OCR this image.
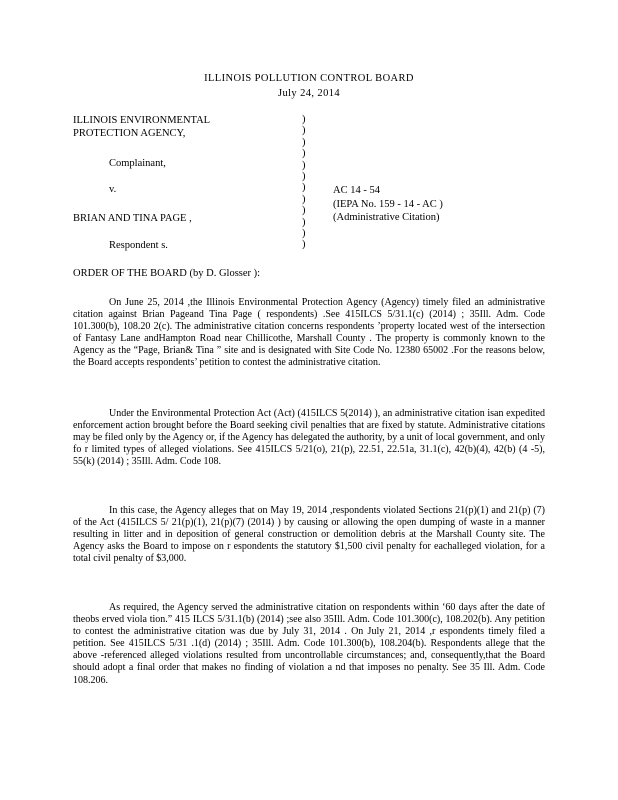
ILLINOIS POLLUTION CONTROL BOARD
July 24, 2014
ILLINOIS ENVIRONMENTAL
PROTECTION AGENCY,
Complainant,
v.
BRIAN AND TINA PAGE ,
Respondent s.
)
)
)
)
)
)
)
)
)
)
)
)
AC 14 - 54
(IEPA No. 159 - 14 - AC )
(Administrative Citation)
ORDER OF THE BOARD (by D. Glosser ):

On June 25, 2014 ,the Illinois Environmental Protection Agency (Agency) timely filed an administrative citation against Brian Pageand Tina Page ( respondents) .See 415ILCS 5/31.1(c) (2014) ; 35Ill. Adm. Code 101.300(b), 108.20 2(c). The administrative citation concerns respondents ’property located west of the intersection of Fantasy Lane andHampton Road near Chillicothe, Marshall County . The property is commonly known to the Agency as the “Page, Brian& Tina ” site and is designated with Site Code No. 12380 65002 .For the reasons below, the Board accepts respondents’ petition to contest the administrative citation.

Under the Environmental Protection Act (Act) (415ILCS 5(2014) ), an administrative citation isan expedited enforcement action brought before the Board seeking civil penalties that are fixed by statute. Administrative citations may be filed only by the Agency or, if the Agency has delegated the authority, by a unit of local government, and only fo r limited types of alleged violations. See 415ILCS 5/21(o), 21(p), 22.51, 22.51a, 31.1(c), 42(b)(4), 42(b) (4 -5), 55(k) (2014) ; 35Ill. Adm. Code 108.

In this case, the Agency alleges that on May 19, 2014 ,respondents violated Sections 21(p)(1) and 21(p) (7) of the Act (415ILCS 5/ 21(p)(1), 21(p)(7) (2014) ) by causing or allowing the open dumping of waste in a manner resulting in litter and in deposition of general construction or demolition debris at the Marshall County site. The Agency asks the Board to impose on r espondents the statutory $1,500 civil penalty for eachalleged violation, for a total civil penalty of $3,000.

As required, the Agency served the administrative citation on respondents within ‘60 days after the date of theobs erved viola tion.” 415 ILCS 5/31.1(b) (2014) ;see also 35Ill. Adm. Code 101.300(c), 108.202(b). Any petition to contest the administrative citation was due by July 31, 2014 . On July 21, 2014 ,r espondents timely filed a petition. See 415ILCS 5/31 .1(d) (2014) ; 35Ill. Adm. Code 101.300(b), 108.204(b). Respondents allege that the above -referenced alleged violations resulted from uncontrollable circumstances; and, consequently,that the Board should adopt a final order that makes no finding of violation a nd that imposes no penalty. See 35 Ill. Adm. Code 108.206.
